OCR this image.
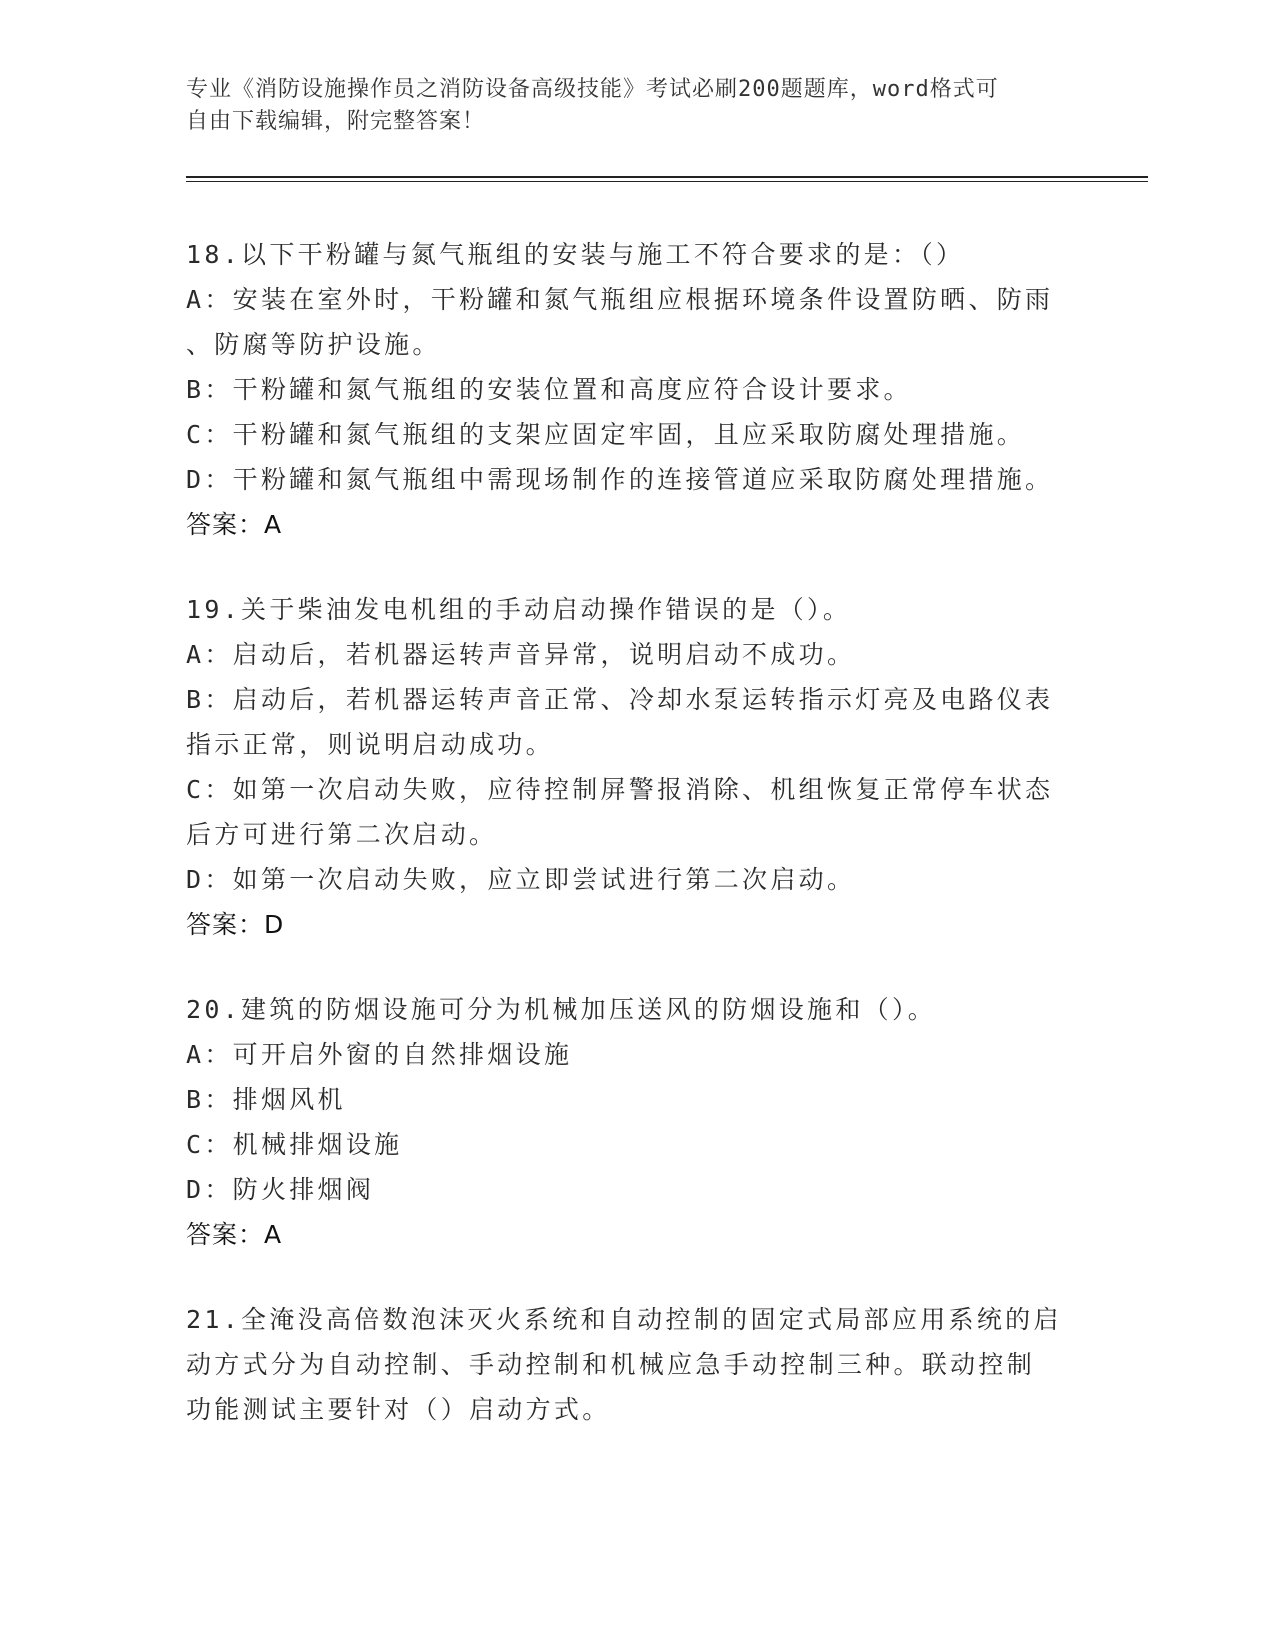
专业《消防设施操作员之消防设备高级技能》考试必刷200题题库，word格式可
自由下载编辑，附完整答案！
18.以下干粉罐与氮气瓶组的安装与施工不符合要求的是：（）
A：安装在室外时，干粉罐和氮气瓶组应根据环境条件设置防晒、防雨
、防腐等防护设施。
B：干粉罐和氮气瓶组的安装位置和高度应符合设计要求。
C：干粉罐和氮气瓶组的支架应固定牢固，且应采取防腐处理措施。
D：干粉罐和氮气瓶组中需现场制作的连接管道应采取防腐处理措施。
答案：A
19.关于柴油发电机组的手动启动操作错误的是（）。
A：启动后，若机器运转声音异常，说明启动不成功。
B：启动后，若机器运转声音正常、冷却水泵运转指示灯亮及电路仪表
指示正常，则说明启动成功。
C：如第一次启动失败，应待控制屏警报消除、机组恢复正常停车状态
后方可进行第二次启动。
D：如第一次启动失败，应立即尝试进行第二次启动。
答案：D
20.建筑的防烟设施可分为机械加压送风的防烟设施和（）。
A：可开启外窗的自然排烟设施
B：排烟风机
C：机械排烟设施
D：防火排烟阀
答案：A
21.全淹没高倍数泡沫灭火系统和自动控制的固定式局部应用系统的启
动方式分为自动控制、手动控制和机械应急手动控制三种。联动控制
功能测试主要针对（）启动方式。
